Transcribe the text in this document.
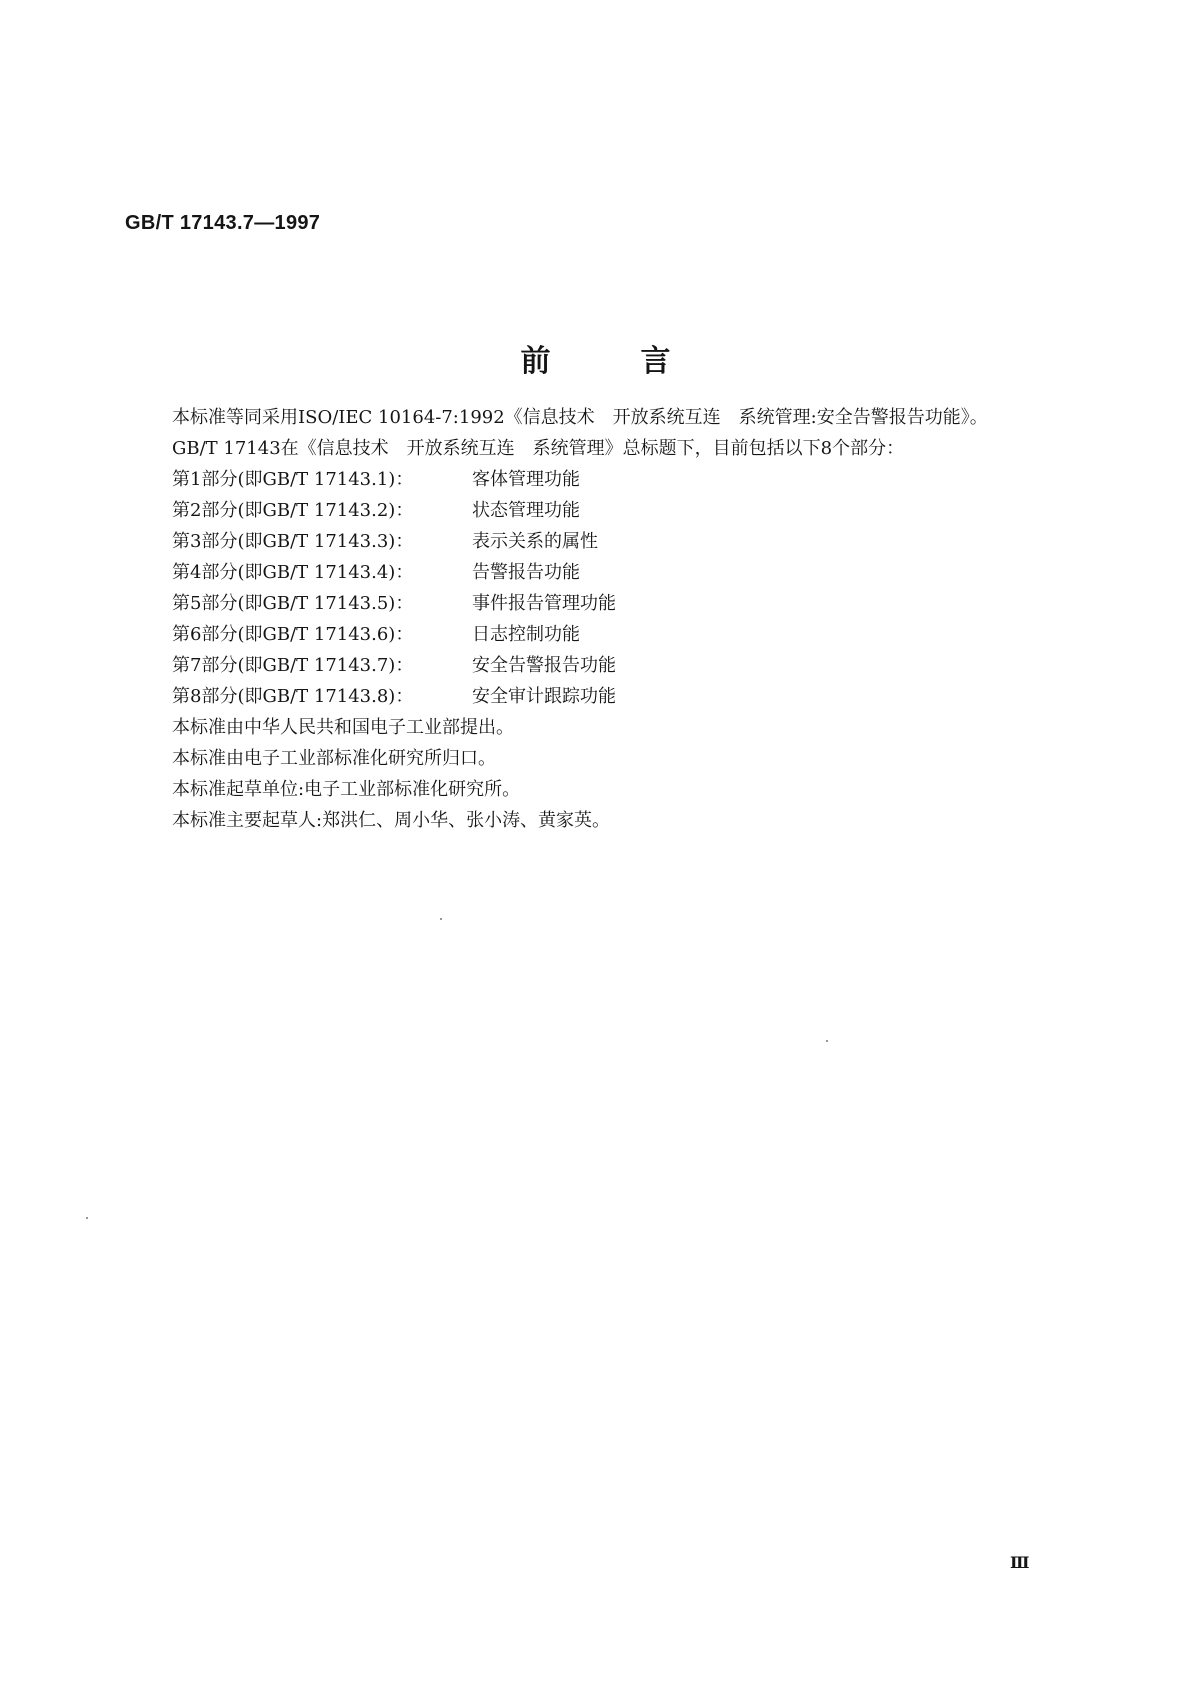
GB/T 17143.7—1997
前言

本标准等同采用ISO/IEC 10164-7:1992《信息技术　开放系统互连　系统管理:安全告警报告功能》。

GB/T 17143在《信息技术　开放系统互连　系统管理》总标题下，目前包括以下8个部分：

第1部分(即GB/T 17143.1)：	客体管理功能
第2部分(即GB/T 17143.2)：	状态管理功能
第3部分(即GB/T 17143.3)：	表示关系的属性
第4部分(即GB/T 17143.4)：	告警报告功能
第5部分(即GB/T 17143.5)：	事件报告管理功能
第6部分(即GB/T 17143.6)：	日志控制功能
第7部分(即GB/T 17143.7)：	安全告警报告功能
第8部分(即GB/T 17143.8)：	安全审计跟踪功能

本标准由中华人民共和国电子工业部提出。

本标准由电子工业部标准化研究所归口。

本标准起草单位:电子工业部标准化研究所。

本标准主要起草人:郑洪仁、周小华、张小涛、黄家英。

Ⅲ
